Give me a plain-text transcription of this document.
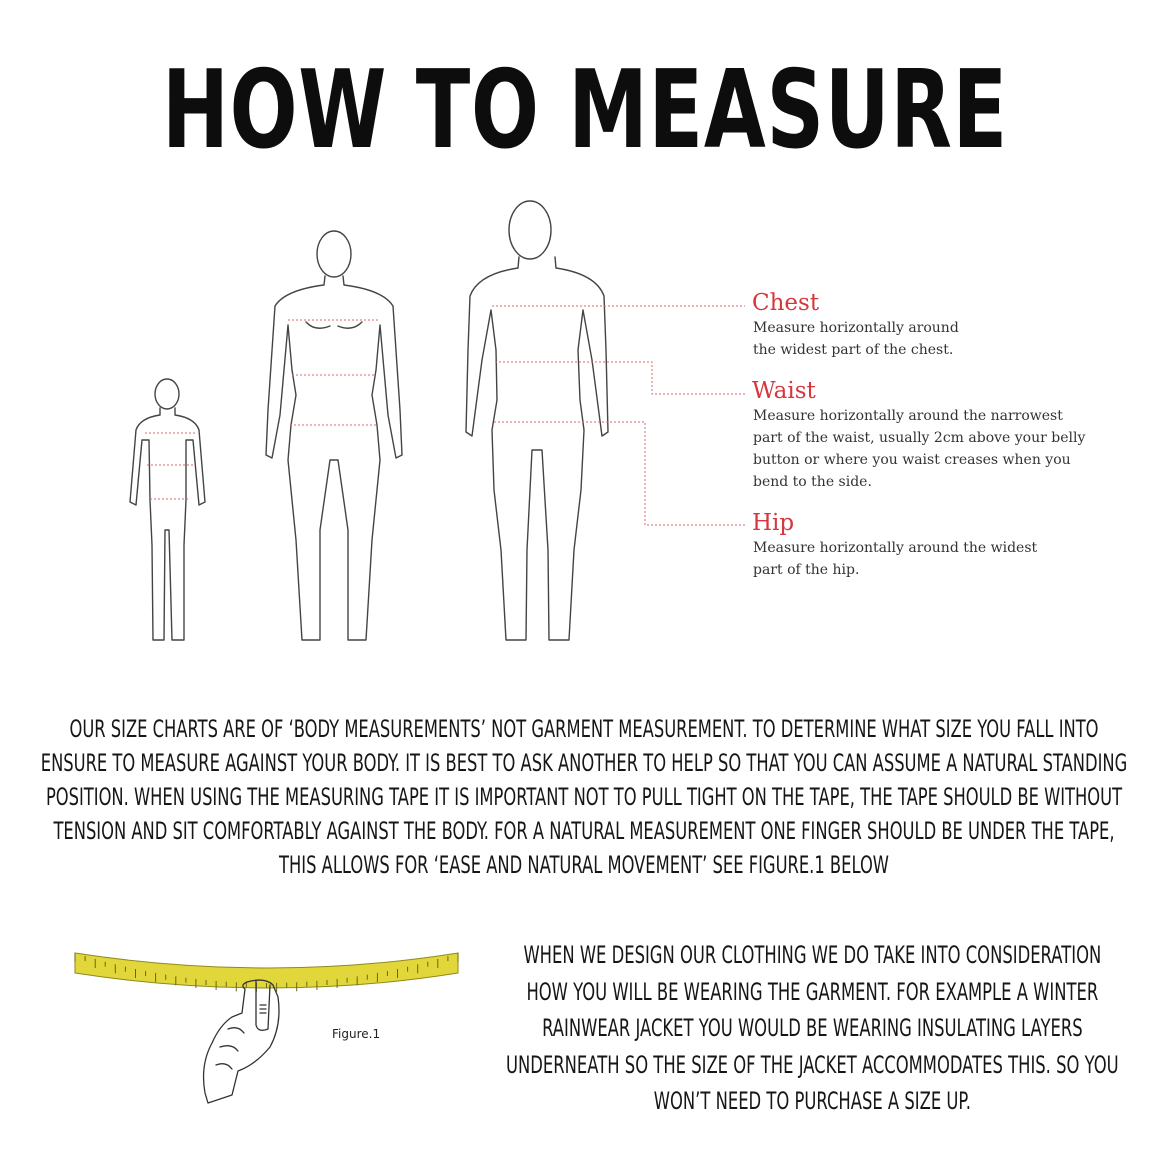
HOW TO MEASURE
Chest
Measure horizontally around the widest part of the chest.
Waist
Measure horizontally around the narrowest part of the waist, usually 2cm above your belly button or where you waist creases when you bend to the side.
Hip
Measure horizontally around the widest part of the hip.
OUR SIZE CHARTS ARE OF ‘BODY MEASUREMENTS’ NOT GARMENT MEASUREMENT. TO DETERMINE WHAT SIZE YOU FALL INTO ENSURE TO MEASURE AGAINST YOUR BODY. IT IS BEST TO ASK ANOTHER TO HELP SO THAT YOU CAN ASSUME A NATURAL STANDING POSITION. WHEN USING THE MEASURING TAPE IT IS IMPORTANT NOT TO PULL TIGHT ON THE TAPE, THE TAPE SHOULD BE WITHOUT TENSION AND SIT COMFORTABLY AGAINST THE BODY. FOR A NATURAL MEASUREMENT ONE FINGER SHOULD BE UNDER THE TAPE, THIS ALLOWS FOR ‘EASE AND NATURAL MOVEMENT’ SEE FIGURE.1 BELOW
Figure.1
WHEN WE DESIGN OUR CLOTHING WE DO TAKE INTO CONSIDERATION HOW YOU WILL BE WEARING THE GARMENT. FOR EXAMPLE A WINTER RAINWEAR JACKET YOU WOULD BE WEARING INSULATING LAYERS UNDERNEATH SO THE SIZE OF THE JACKET ACCOMMODATES THIS. SO YOU WON’T NEED TO PURCHASE A SIZE UP.
